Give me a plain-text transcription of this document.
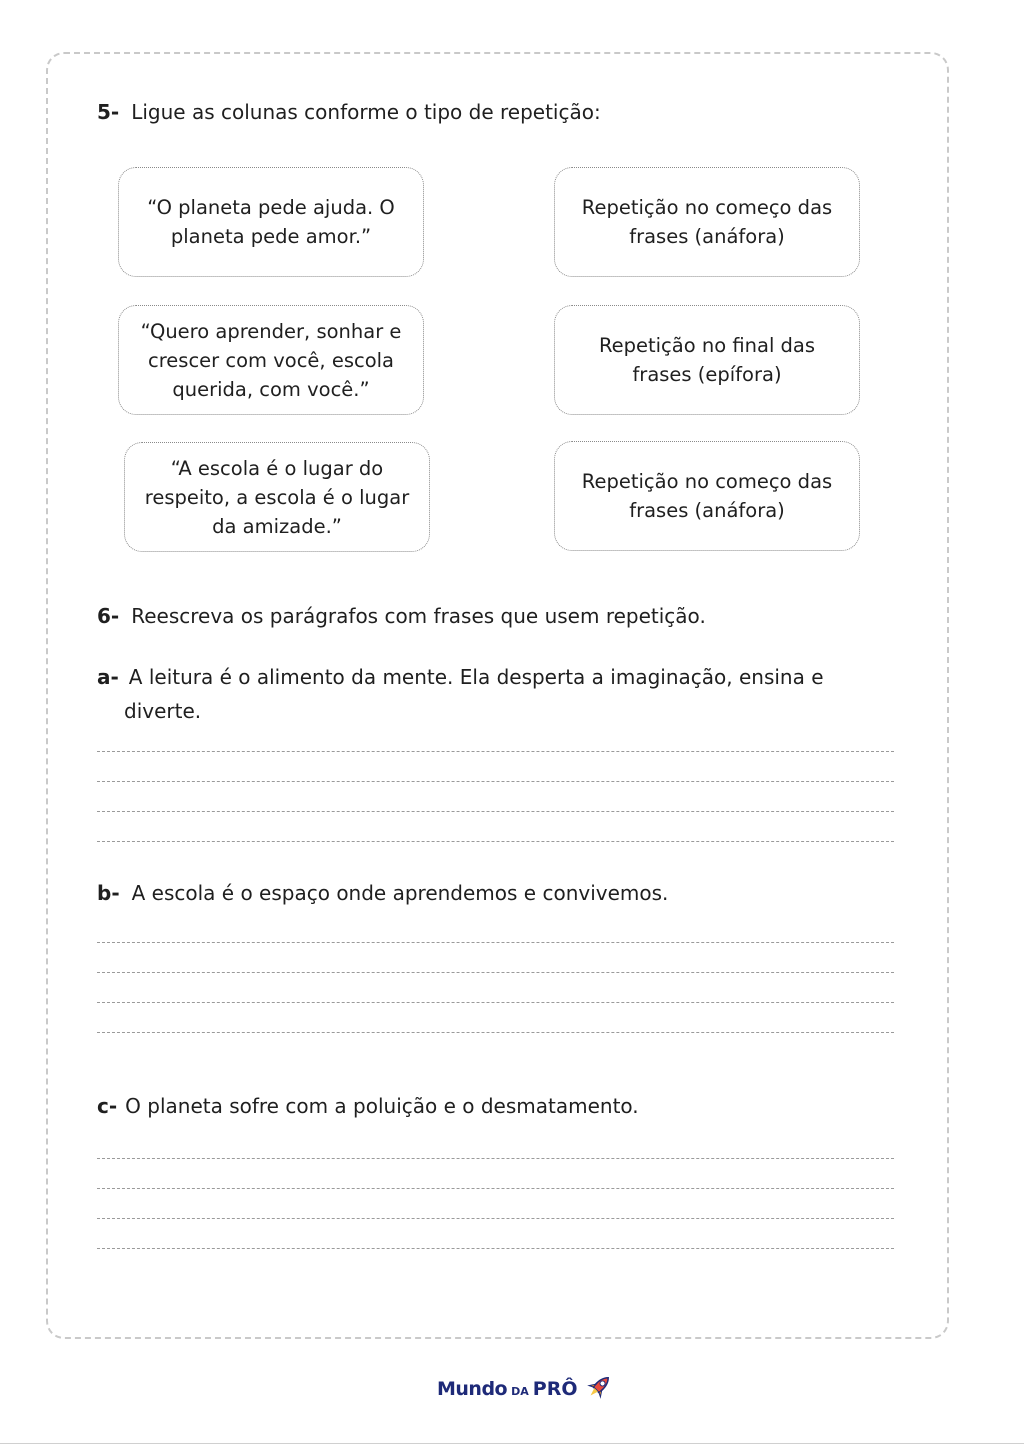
5- Ligue as colunas conforme o tipo de repetição:
“O planeta pede ajuda. O planeta pede amor.”
“Quero aprender, sonhar e crescer com você, escola querida, com você.”
“A escola é o lugar do respeito, a escola é o lugar da amizade.”
Repetição no começo das frases (anáfora)
Repetição no final das frases (epífora)
Repetição no começo das frases (anáfora)
6- Reescreva os parágrafos com frases que usem repetição.
a- A leitura é o alimento da mente. Ela desperta a imaginação, ensina e
diverte.
b- A escola é o espaço onde aprendemos e convivemos.
c- O planeta sofre com a poluição e o desmatamento.
Mundo DA PRÔ
